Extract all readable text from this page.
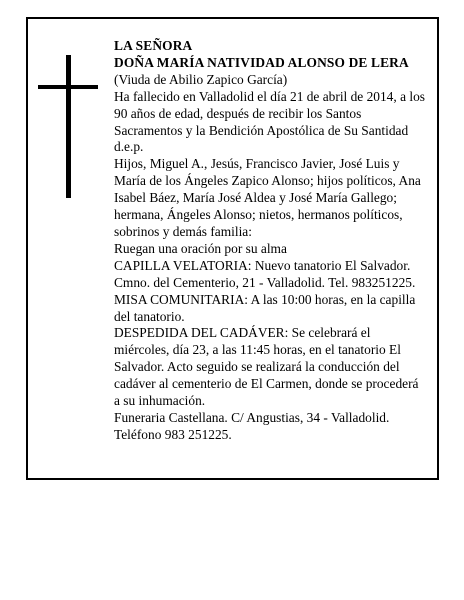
LA SEÑORA

DOÑA MARÍA NATIVIDAD ALONSO DE LERA

(Viuda de Abilio Zapico García)

Ha fallecido en Valladolid el día 21 de abril de 2014, a los 90 años de edad, después de recibir los Santos Sacramentos y la Bendición Apostólica de Su Santidad

d.e.p.

Hijos, Miguel A., Jesús, Francisco Javier, José Luis y María de los Ángeles Zapico Alonso; hijos políticos, Ana Isabel Báez, María José Aldea y José María Gallego; hermana, Ángeles Alonso; nietos, hermanos políticos, sobrinos y demás familia:

Ruegan una oración por su alma

CAPILLA VELATORIA: Nuevo tanatorio El Salvador. Cmno. del Cementerio, 21 - Valladolid. Tel. 983251225.

MISA COMUNITARIA: A las 10:00 horas, en la capilla del tanatorio.

DESPEDIDA DEL CADÁVER: Se celebrará el miércoles, día 23, a las 11:45 horas, en el tanatorio El Salvador. Acto seguido se realizará la conducción del cadáver al cementerio de El Carmen, donde se procederá a su inhumación.

Funeraria Castellana. C/ Angustias, 34 - Valladolid. Teléfono 983 251225.
